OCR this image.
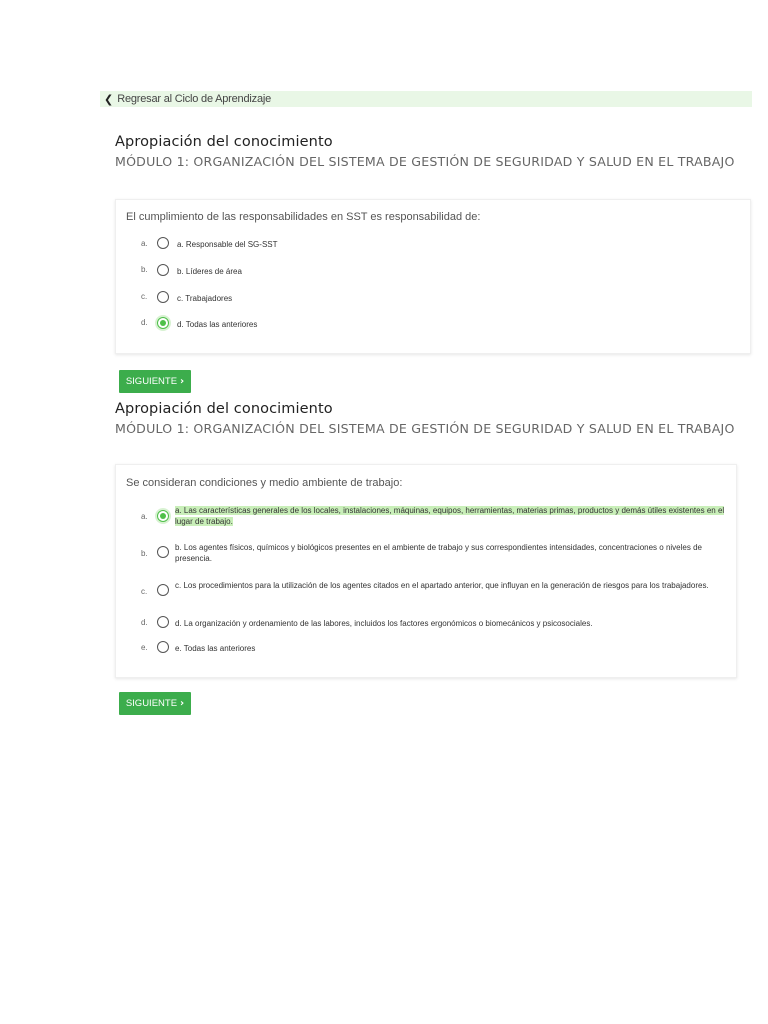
❮ Regresar al Ciclo de Aprendizaje
Apropiación del conocimiento
MÓDULO 1: ORGANIZACIÓN DEL SISTEMA DE GESTIÓN DE SEGURIDAD Y SALUD EN EL TRABAJO
El cumplimiento de las responsabilidades en SST es responsabilidad de:
a.	a. Responsable del SG-SST
b.	b. Líderes de área
c.	c. Trabajadores
d.	d. Todas las anteriores
SIGUIENTE ›
Apropiación del conocimiento
MÓDULO 1: ORGANIZACIÓN DEL SISTEMA DE GESTIÓN DE SEGURIDAD Y SALUD EN EL TRABAJO
Se consideran condiciones y medio ambiente de trabajo:
a.
a. Las características generales de los locales, instalaciones, máquinas, equipos, herramientas, materias primas, productos y demás útiles existentes en el lugar de trabajo.
b.
b. Los agentes físicos, químicos y biológicos presentes en el ambiente de trabajo y sus correspondientes intensidades, concentraciones o niveles de presencia.
c.
c. Los procedimientos para la utilización de los agentes citados en el apartado anterior, que influyan en la generación de riesgos para los trabajadores.
d.	d. La organización y ordenamiento de las labores, incluidos los factores ergonómicos o biomecánicos y psicosociales.
e.	e. Todas las anteriores
SIGUIENTE ›
